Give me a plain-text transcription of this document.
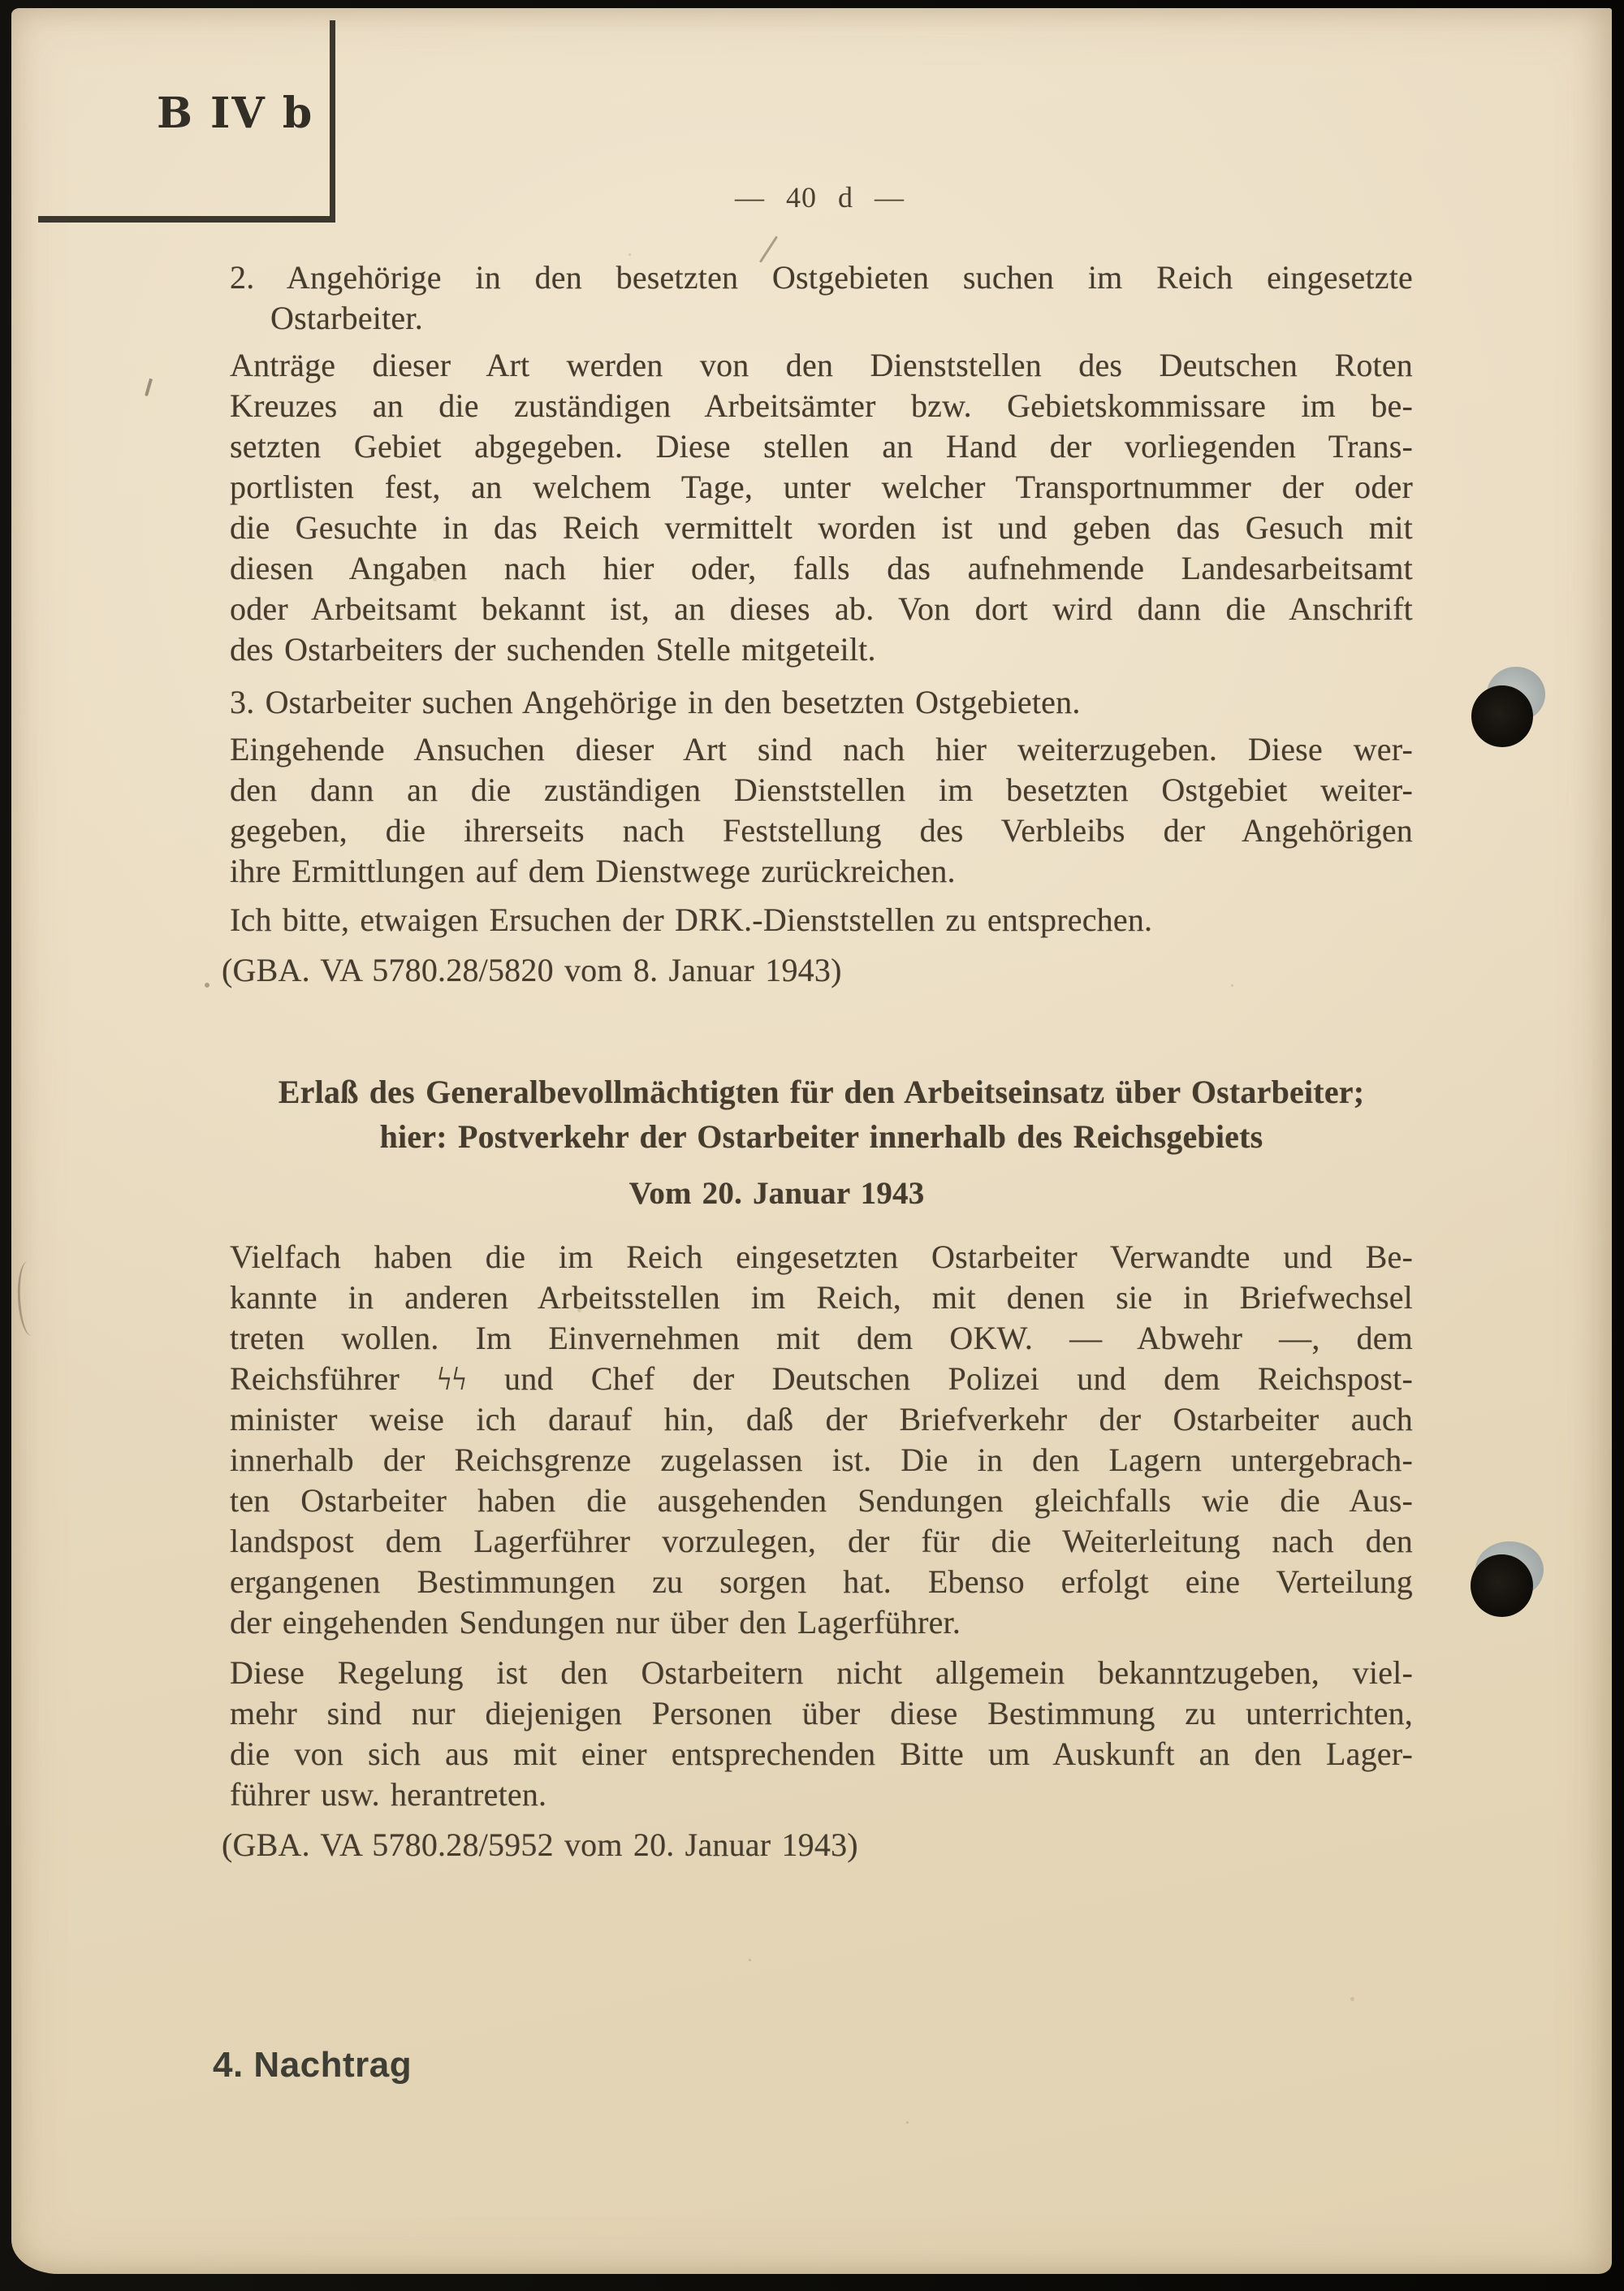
B IV b
— 40 d —
2. Angehörige in den besetzten Ostgebieten suchen im Reich eingesetzte
Ostarbeiter.
Anträge dieser Art werden von den Dienststellen des Deutschen Roten
Kreuzes an die zuständigen Arbeitsämter bzw. Gebietskommissare im be-
setzten Gebiet abgegeben. Diese stellen an Hand der vorliegenden Trans-
portlisten fest, an welchem Tage, unter welcher Transportnummer der oder
die Gesuchte in das Reich vermittelt worden ist und geben das Gesuch mit
diesen Angaben nach hier oder, falls das aufnehmende Landesarbeitsamt
oder Arbeitsamt bekannt ist, an dieses ab. Von dort wird dann die Anschrift
des Ostarbeiters der suchenden Stelle mitgeteilt.
3. Ostarbeiter suchen Angehörige in den besetzten Ostgebieten.
Eingehende Ansuchen dieser Art sind nach hier weiterzugeben. Diese wer-
den dann an die zuständigen Dienststellen im besetzten Ostgebiet weiter-
gegeben, die ihrerseits nach Feststellung des Verbleibs der Angehörigen
ihre Ermittlungen auf dem Dienstwege zurückreichen.
Ich bitte, etwaigen Ersuchen der DRK.-Dienststellen zu entsprechen.
(GBA. VA 5780.28/5820 vom 8. Januar 1943)
Erlaß des Generalbevollmächtigten für den Arbeitseinsatz über Ostarbeiter;
hier: Postverkehr der Ostarbeiter innerhalb des Reichsgebiets
Vom 20. Januar 1943
Vielfach haben die im Reich eingesetzten Ostarbeiter Verwandte und Be-
kannte in anderen Arbeitsstellen im Reich, mit denen sie in Briefwechsel
treten wollen. Im Einvernehmen mit dem OKW. — Abwehr —, dem
Reichsführer ϟϟ und Chef der Deutschen Polizei und dem Reichspost-
minister weise ich darauf hin, daß der Briefverkehr der Ostarbeiter auch
innerhalb der Reichsgrenze zugelassen ist. Die in den Lagern untergebrach-
ten Ostarbeiter haben die ausgehenden Sendungen gleichfalls wie die Aus-
landspost dem Lagerführer vorzulegen, der für die Weiterleitung nach den
ergangenen Bestimmungen zu sorgen hat. Ebenso erfolgt eine Verteilung
der eingehenden Sendungen nur über den Lagerführer.
Diese Regelung ist den Ostarbeitern nicht allgemein bekanntzugeben, viel-
mehr sind nur diejenigen Personen über diese Bestimmung zu unterrichten,
die von sich aus mit einer entsprechenden Bitte um Auskunft an den Lager-
führer usw. herantreten.
(GBA. VA 5780.28/5952 vom 20. Januar 1943)
4. Nachtrag
